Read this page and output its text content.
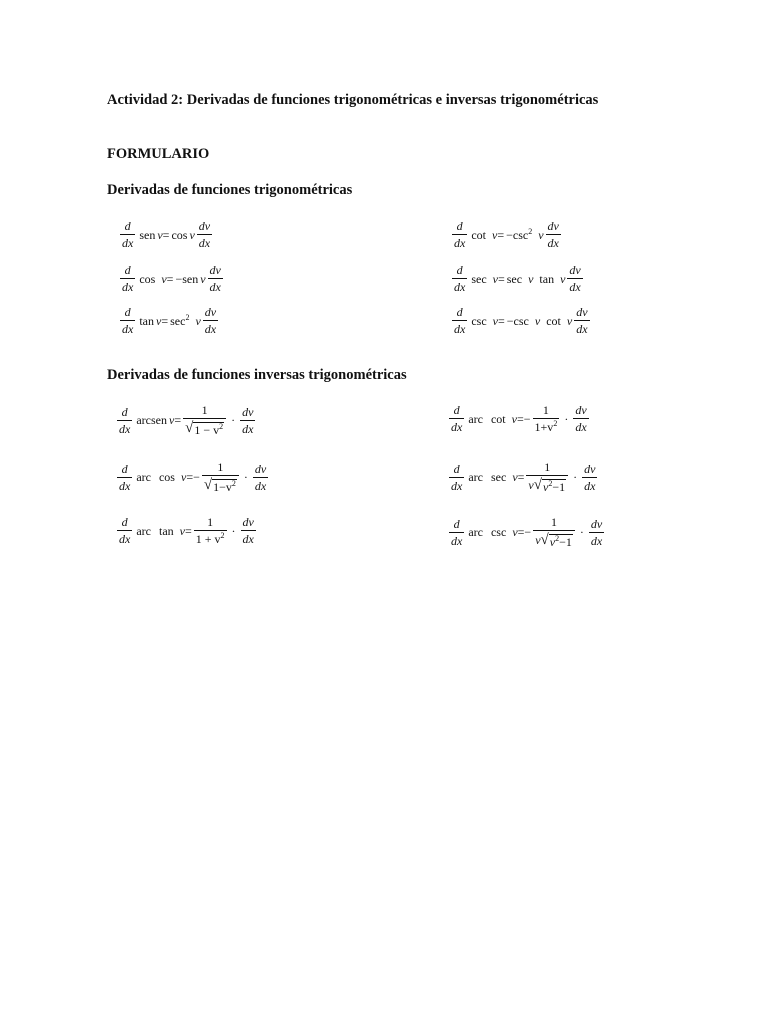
Actividad 2: Derivadas de funciones trigonométricas e inversas trigonométricas
FORMULARIO
Derivadas de funciones trigonométricas
Derivadas de funciones inversas trigonométricas
$\frac{d}{dx}$ sen v = cos v $\frac{dv}{dx}$
$\frac{d}{dx}$ cos v = −sen v $\frac{dv}{dx}$
$\frac{d}{dx}$ $\tan v = \sec^2 v \frac{dv}{dx}$
$\frac{d}{dx}$ $\cot v = -\csc^2$ v $\frac{dv}{dx}$
$\frac{d}{dx}$ sec v = sec v tan v $\frac{dv}{dx}$
$\frac{d}{dx}$ csc v = −csc v cot v $\frac{dv}{dx}$
$\frac{d}{dx}$ arcsen $v = \frac{1}{√ 1 - v^2} \cdot \frac{dv}{dx}$
$\frac{d}{dx}$ arc $\cos v =- \frac{1}{√ 1-v^2} \cdot \frac{dv}{dx}$
$\frac{d}{dx}$ arc $\tan v = \frac{1}{1 + v^2} \cdot \frac{dv}{dx}$
$\frac{d}{dx}$ arc $\cot v =- \frac{1}{1+v^2} \cdot \frac{dv}{dx}$
$\frac{d}{dx}$ arc $\sec v = \frac{1}{v √ v^2-1} \cdot \frac{dv}{dx}$
$\frac{d}{dx}$ arc $\csc v =- \frac{1}{v √ v^2-1} \cdot \frac{dv}{dx}$
